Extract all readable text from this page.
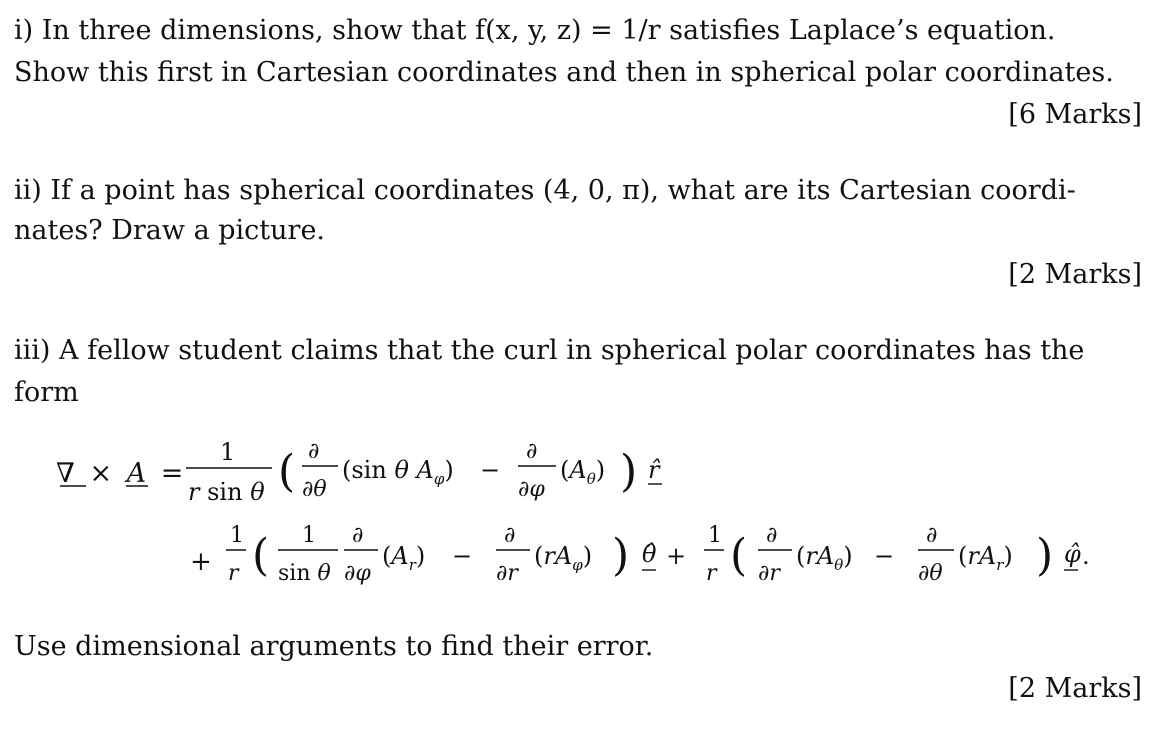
i) In three dimensions, show that f(x, y, z) = 1/r satisfies Laplace’s equation.
Show this first in Cartesian coordinates and then in spherical polar coordinates.
[6 Marks]
ii) If a point has spherical coordinates (4, 0, π), what are its Cartesian coordi-
nates? Draw a picture.
[2 Marks]
iii) A fellow student claims that the curl in spherical polar coordinates has the
form
∇ × A =
1
r sin θ ( ∂
∂θ
(sin θ $A_\varphi$) −
∂
∂φ
$(A_\theta)$ ) r̂
+
1
r ( 1
sin θ
∂
∂φ
$(A_r)$ −
∂
∂r
$(rA_\varphi)$ ) θ̂ +
1
r ( ∂
∂r
$(rA_\theta)$ −
∂
∂θ
$(rA_r)$ ) φ̂ .
Use dimensional arguments to find their error.
[2 Marks]
